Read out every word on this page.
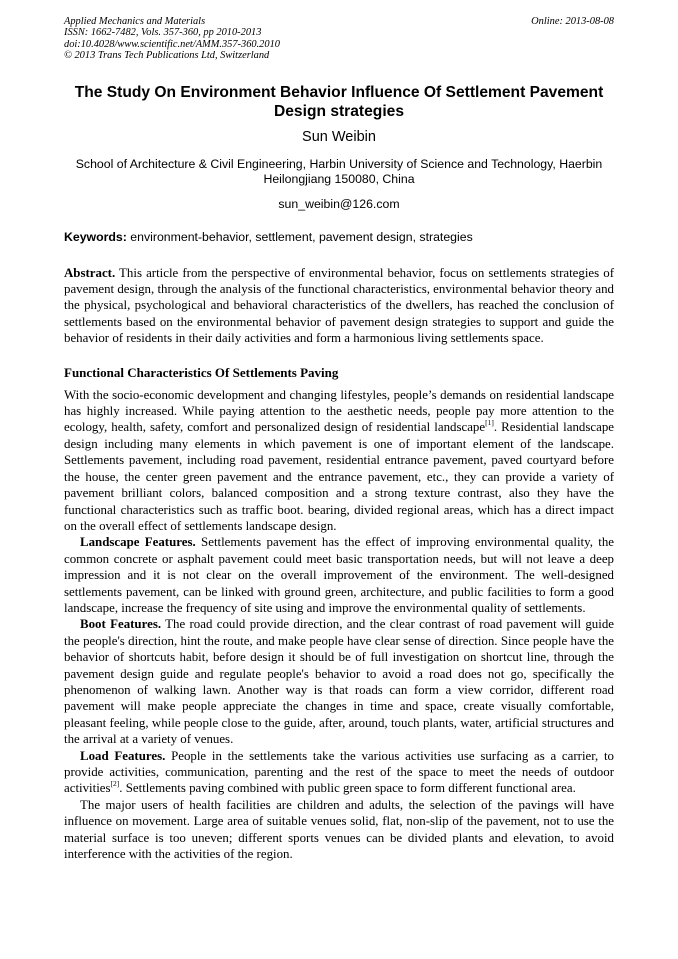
Applied Mechanics and Materials
ISSN: 1662-7482, Vols. 357-360, pp 2010-2013
doi:10.4028/www.scientific.net/AMM.357-360.2010
© 2013 Trans Tech Publications Ltd, Switzerland
Online: 2013-08-08
The Study On Environment Behavior Influence Of Settlement Pavement Design strategies
Sun Weibin
School of Architecture & Civil Engineering, Harbin University of Science and Technology, Haerbin Heilongjiang 150080, China
sun_weibin@126.com
Keywords: environment-behavior, settlement, pavement design, strategies
Abstract. This article from the perspective of environmental behavior, focus on settlements strategies of pavement design, through the analysis of the functional characteristics, environmental behavior theory and the physical, psychological and behavioral characteristics of the dwellers, has reached the conclusion of settlements based on the environmental behavior of pavement design strategies to support and guide the behavior of residents in their daily activities and form a harmonious living settlements space.
Functional Characteristics Of Settlements Paving

With the socio-economic development and changing lifestyles, people’s demands on residential landscape has highly increased. While paying attention to the aesthetic needs, people pay more attention to the ecology, health, safety, comfort and personalized design of residential landscape[1]. Residential landscape design including many elements in which pavement is one of important element of the landscape. Settlements pavement, including road pavement, residential entrance pavement, paved courtyard before the house, the center green pavement and the entrance pavement, etc., they can provide a variety of pavement brilliant colors, balanced composition and a strong texture contrast, also they have the functional characteristics such as traffic boot. bearing, divided regional areas, which has a direct impact on the overall effect of settlements landscape design.

Landscape Features. Settlements pavement has the effect of improving environmental quality, the common concrete or asphalt pavement could meet basic transportation needs, but will not leave a deep impression and it is not clear on the overall improvement of the environment. The well-designed settlements pavement, can be linked with ground green, architecture, and public facilities to form a good landscape, increase the frequency of site using and improve the environmental quality of settlements.

Boot Features. The road could provide direction, and the clear contrast of road pavement will guide the people's direction, hint the route, and make people have clear sense of direction. Since people have the behavior of shortcuts habit, before design it should be of full investigation on shortcut line, through the pavement design guide and regulate people's behavior to avoid a road does not go, specifically the phenomenon of walking lawn. Another way is that roads can form a view corridor, different road pavement will make people appreciate the changes in time and space, create visually comfortable, pleasant feeling, while people close to the guide, after, around, touch plants, water, artificial structures and the arrival at a variety of venues.

Load Features. People in the settlements take the various activities use surfacing as a carrier, to provide activities, communication, parenting and the rest of the space to meet the needs of outdoor activities[2]. Settlements paving combined with public green space to form different functional area.

The major users of health facilities are children and adults, the selection of the pavings will have influence on movement. Large area of suitable venues solid, flat, non-slip of the pavement, not to use the material surface is too uneven; different sports venues can be divided plants and elevation, to avoid interference with the activities of the region.
